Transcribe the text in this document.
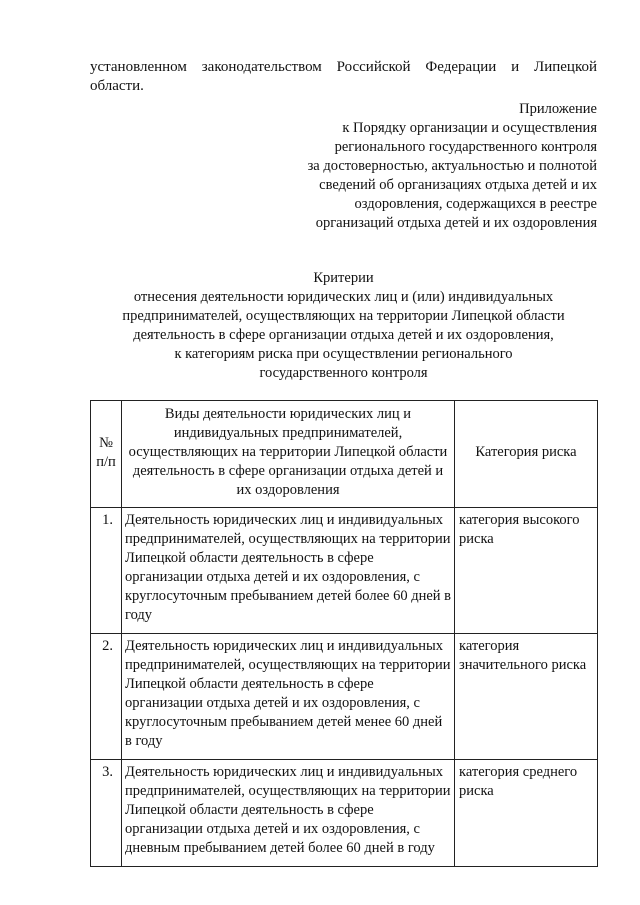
установленном законодательством Российской Федерации и Липецкой области.

Приложение
к Порядку организации и осуществления
регионального государственного контроля
за достоверностью, актуальностью и полнотой
сведений об организациях отдыха детей и их
оздоровления, содержащихся в реестре
организаций отдыха детей и их оздоровления
Критерии
отнесения деятельности юридических лиц и (или) индивидуальных
предпринимателей, осуществляющих на территории Липецкой области
деятельность в сфере организации отдыха детей и их оздоровления,
к категориям риска при осуществлении регионального
государственного контроля
№ п/п	Виды деятельности юридических лиц и индивидуальных предпринимателей, осуществляющих на территории Липецкой области деятельность в сфере организации отдыха детей и их оздоровления	Категория риска
1.	Деятельность юридических лиц и индивидуальных предпринимателей, осуществляющих на территории Липецкой области деятельность в сфере организации отдыха детей и их оздоровления, с круглосуточным пребыванием детей более 60 дней в году	категория высокого риска
2.	Деятельность юридических лиц и индивидуальных предпринимателей, осуществляющих на территории Липецкой области деятельность в сфере организации отдыха детей и их оздоровления, с круглосуточным пребыванием детей менее 60 дней в году	категория значительного риска
3.	Деятельность юридических лиц и индивидуальных предпринимателей, осуществляющих на территории Липецкой области деятельность в сфере организации отдыха детей и их оздоровления, с дневным пребыванием детей более 60 дней в году	категория среднего риска
